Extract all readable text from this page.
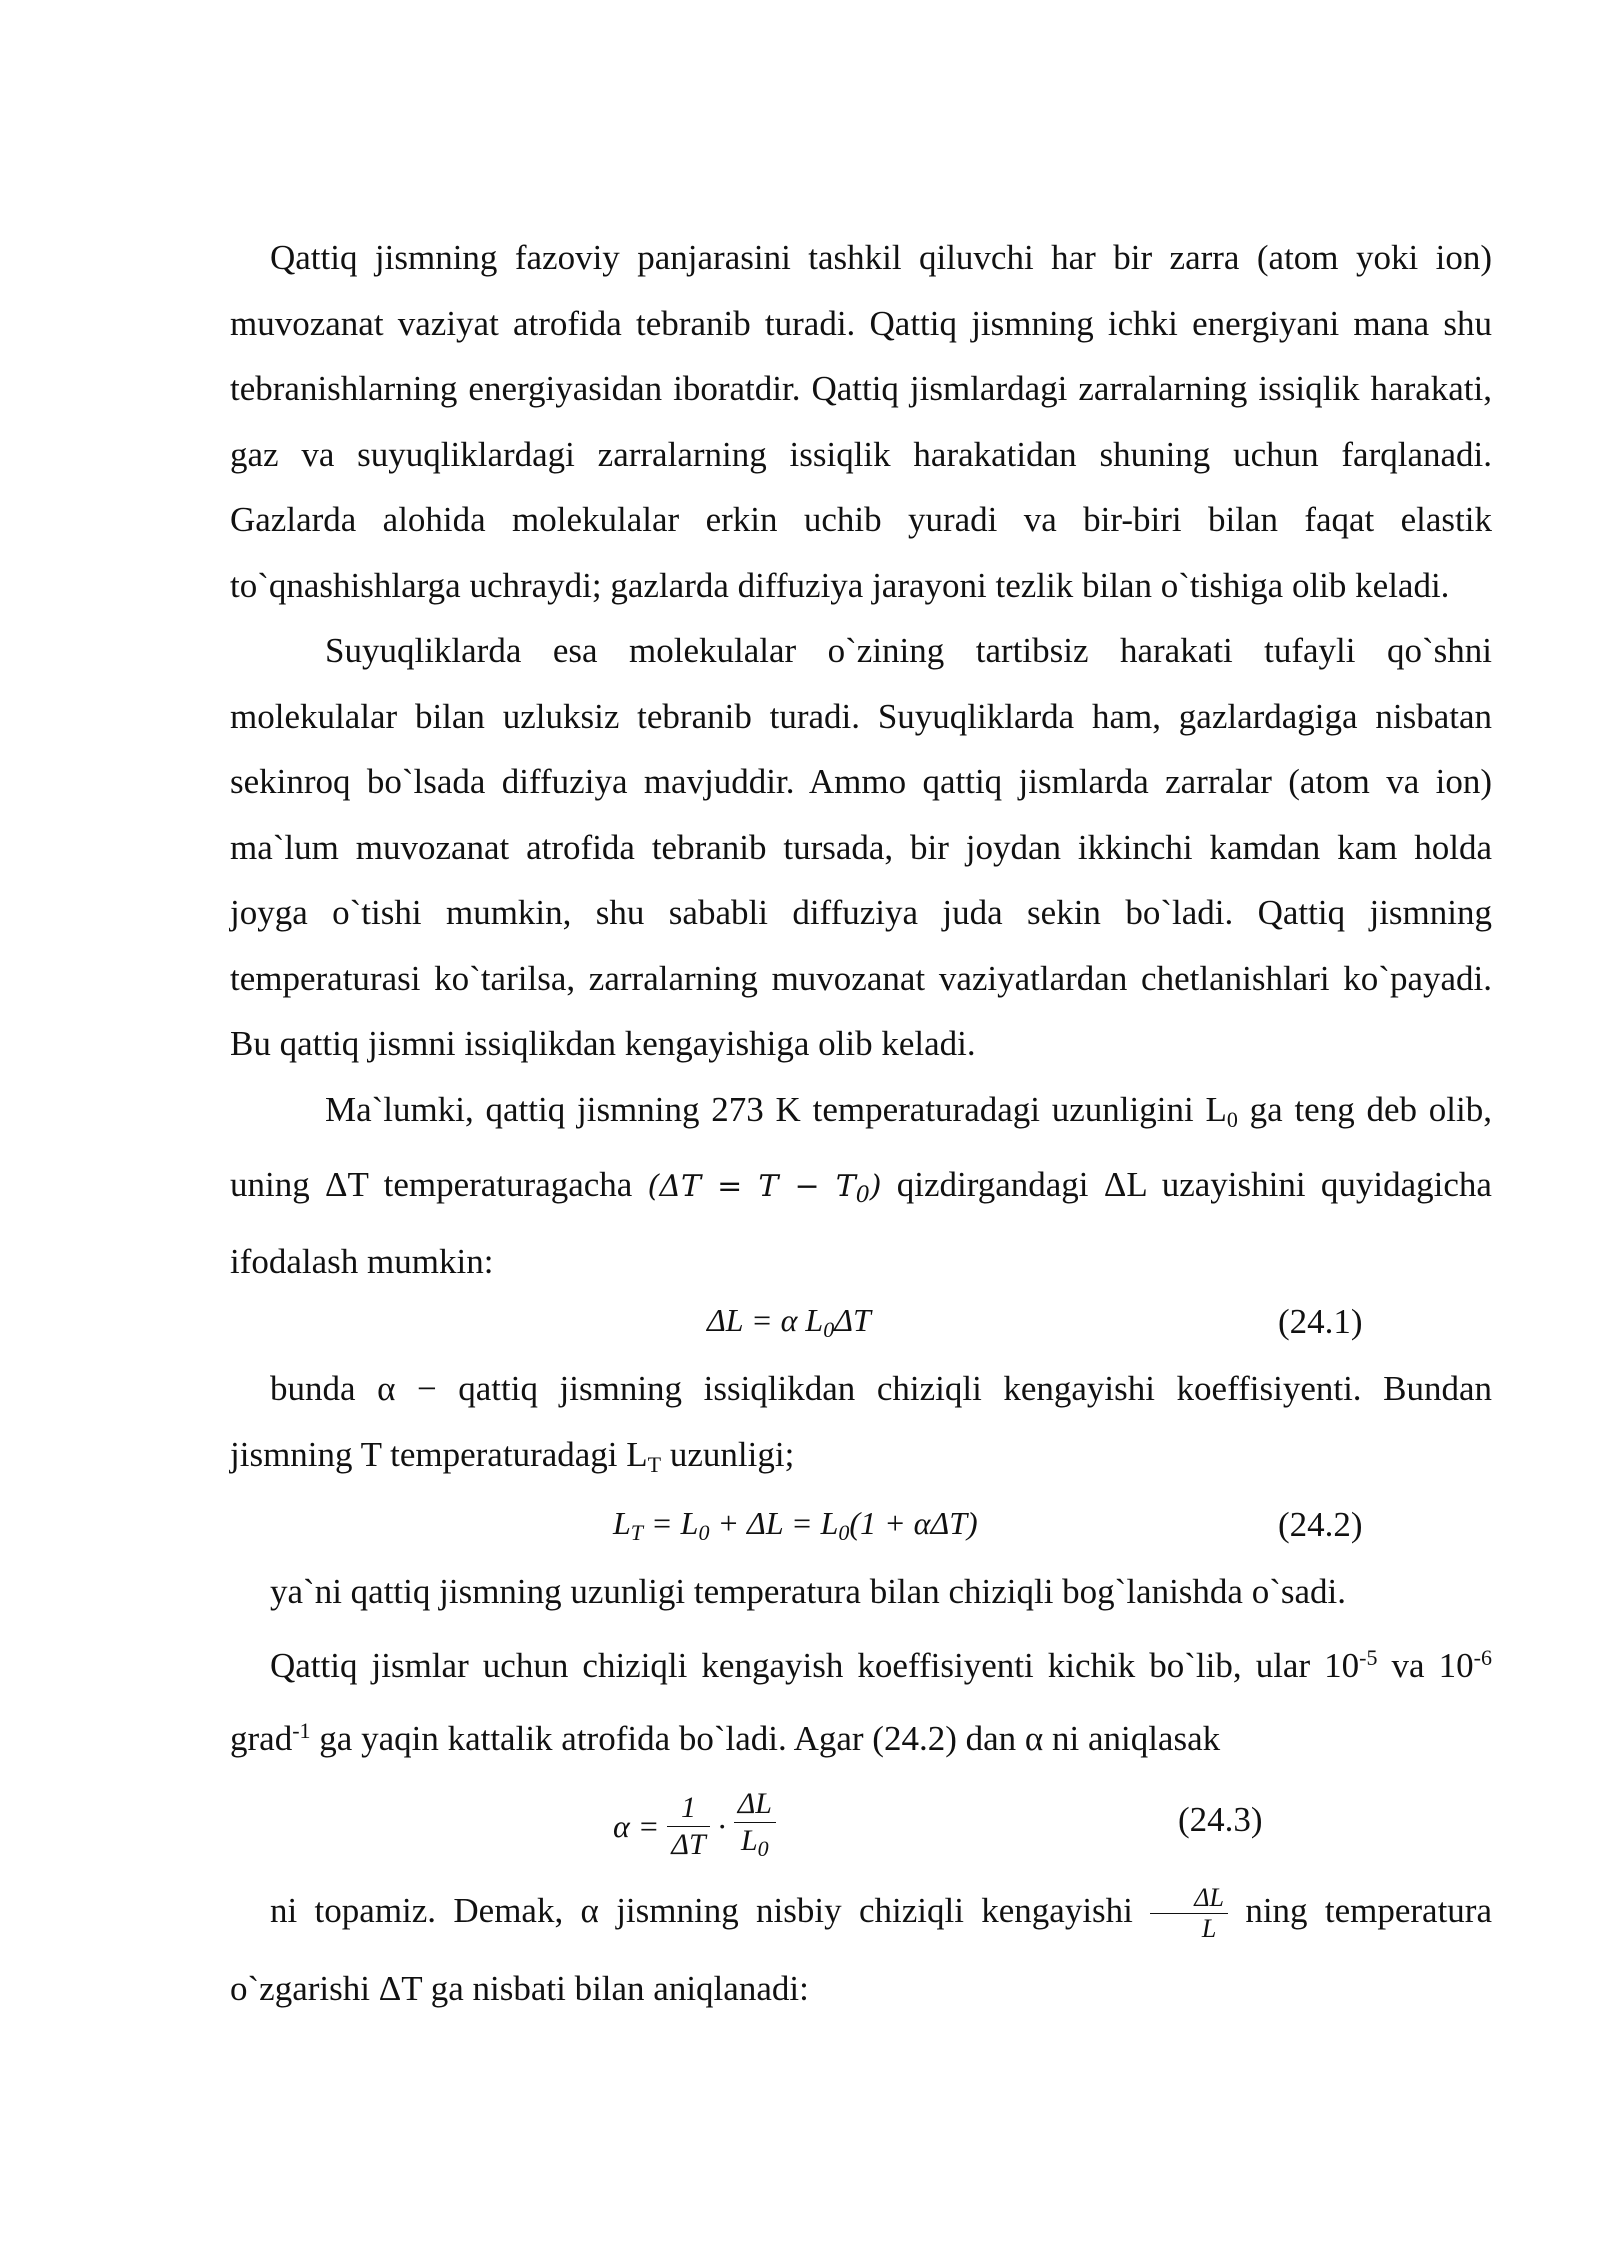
Qattiq jismning fazoviy panjarasini tashkil qiluvchi har bir zarra (atom yoki ion) muvozanat vaziyat atrofida tebranib turadi. Qattiq jismning ichki energiyani mana shu tebranishlarning energiyasidan iboratdir. Qattiq jismlardagi zarralarning issiqlik harakati, gaz va suyuqliklardagi zarralarning issiqlik harakatidan shuning uchun farqlanadi. Gazlarda alohida molekulalar erkin uchib yuradi va bir-biri bilan faqat elastik to`qnashishlarga uchraydi; gazlarda diffuziya jarayoni tezlik bilan o`tishiga olib keladi.

Suyuqliklarda esa molekulalar o`zining tartibsiz harakati tufayli qo`shni molekulalar bilan uzluksiz tebranib turadi. Suyuqliklarda ham, gazlardagiga nisbatan sekinroq bo`lsada diffuziya mavjuddir. Ammo qattiq jismlarda zarralar (atom va ion) ma`lum muvozanat atrofida tebranib tursada, bir joydan ikkinchi kamdan kam holda joyga o`tishi mumkin, shu sababli diffuziya juda sekin bo`ladi. Qattiq jismning temperaturasi ko`tarilsa, zarralarning muvozanat vaziyatlardan chetlanishlari ko`payadi. Bu qattiq jismni issiqlikdan kengayishiga olib keladi.

Ma`lumki, qattiq jismning 273 K temperaturadagi uzunligini $L_0$ ga teng deb olib, uning ΔT temperaturagacha $(\Delta T = T - T_0)$ qizdirgandagi ΔL uzayishini quyidagicha ifodalash mumkin:

ΔL = α $L_0\Delta T$	(24.1)

bunda α − qattiq jismning issiqlikdan chiziqli kengayishi koeffisiyenti. Bundan jismning T temperaturadagi $L_T$ uzunligi;

$L_T = L_0 + \Delta L = L_0(1 + \alpha\Delta T)$	(24.2)

ya`ni qattiq jismning uzunligi temperatura bilan chiziqli bog`lanishda o`sadi.

Qattiq jismlar uchun chiziqli kengayish koeffisiyenti kichik bo`lib, ular $10^{-5}$ va $10^{-6}$ grad$^{-1}$ ga yaqin kattalik atrofida bo`ladi. Agar (24.2) dan α ni aniqlasak

$\alpha = \frac{1}{\Delta T} \cdot \frac{\Delta L}{L_0}$	(24.3)

ni topamiz. Demak, α jismning nisbiy chiziqli kengayishi $\frac{\Delta L}{L}$ ning temperatura o`zgarishi ΔT ga nisbati bilan aniqlanadi:
